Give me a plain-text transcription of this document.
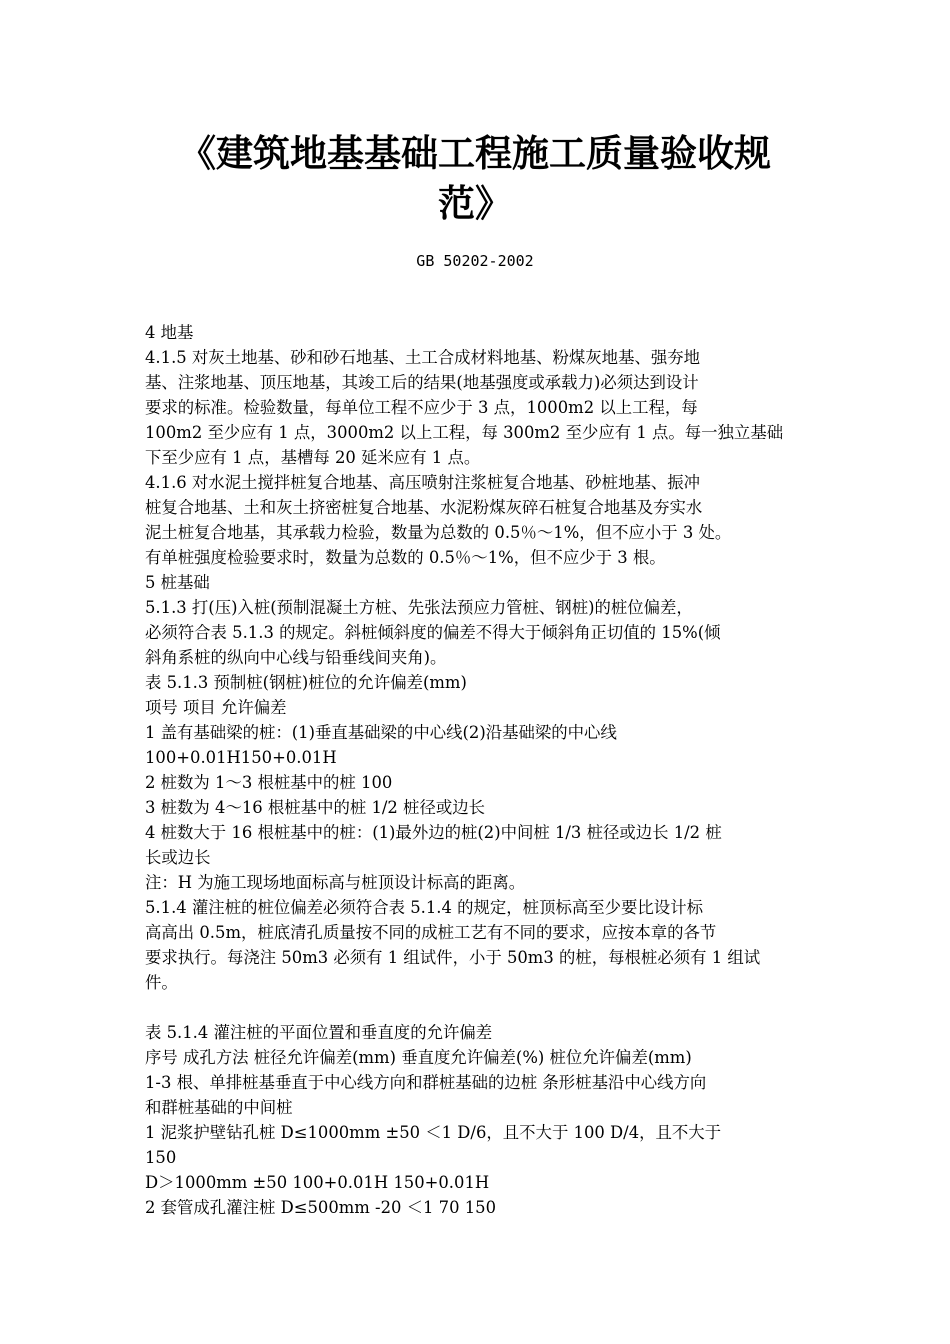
《建筑地基基础工程施工质量验收规
范》
GB 50202-2002
4 地基
4.1.5 对灰土地基、砂和砂石地基、土工合成材料地基、粉煤灰地基、强夯地
基、注浆地基、顶压地基，其竣工后的结果(地基强度或承载力)必须达到设计
要求的标准。检验数量，每单位工程不应少于 3 点，1000m2 以上工程，每
100m2 至少应有 1 点，3000m2 以上工程，每 300m2 至少应有 1 点。每一独立基础
下至少应有 1 点，基槽每 20 延米应有 1 点。
4.1.6 对水泥土搅拌桩复合地基、高压喷射注浆桩复合地基、砂桩地基、振冲
桩复合地基、土和灰土挤密桩复合地基、水泥粉煤灰碎石桩复合地基及夯实水
泥土桩复合地基，其承载力检验，数量为总数的 0.5％～1%，但不应小于 3 处。
有单桩强度检验要求时，数量为总数的 0.5％～1%，但不应少于 3 根。
5 桩基础
5.1.3 打(压)入桩(预制混凝土方桩、先张法预应力管桩、钢桩)的桩位偏差，
必须符合表 5.1.3 的规定。斜桩倾斜度的偏差不得大于倾斜角正切值的 15%(倾
斜角系桩的纵向中心线与铅垂线间夹角)。
表 5.1.3 预制桩(钢桩)桩位的允许偏差(mm)
项号 项目 允许偏差
1 盖有基础梁的桩：(1)垂直基础梁的中心线(2)沿基础梁的中心线
100+0.01H150+0.01H
2 桩数为 1～3 根桩基中的桩 100
3 桩数为 4～16 根桩基中的桩 1/2 桩径或边长
4 桩数大于 16 根桩基中的桩：(1)最外边的桩(2)中间桩 1/3 桩径或边长 1/2 桩
长或边长
注：H 为施工现场地面标高与桩顶设计标高的距离。
5.1.4 灌注桩的桩位偏差必须符合表 5.1.4 的规定，桩顶标高至少要比设计标
高高出 0.5m，桩底清孔质量按不同的成桩工艺有不同的要求，应按本章的各节
要求执行。每浇注 50m3 必须有 1 组试件，小于 50m3 的桩，每根桩必须有 1 组试
件。
表 5.1.4 灌注桩的平面位置和垂直度的允许偏差
序号 成孔方法 桩径允许偏差(mm) 垂直度允许偏差(%) 桩位允许偏差(mm)
1-3 根、单排桩基垂直于中心线方向和群桩基础的边桩 条形桩基沿中心线方向
和群桩基础的中间桩
1 泥浆护壁钻孔桩 D≤1000mm ±50 ＜1 D/6，且不大于 100 D/4，且不大于
150
D＞1000mm ±50 100+0.01H 150+0.01H
2 套管成孔灌注桩 D≤500mm -20 ＜1 70 150
